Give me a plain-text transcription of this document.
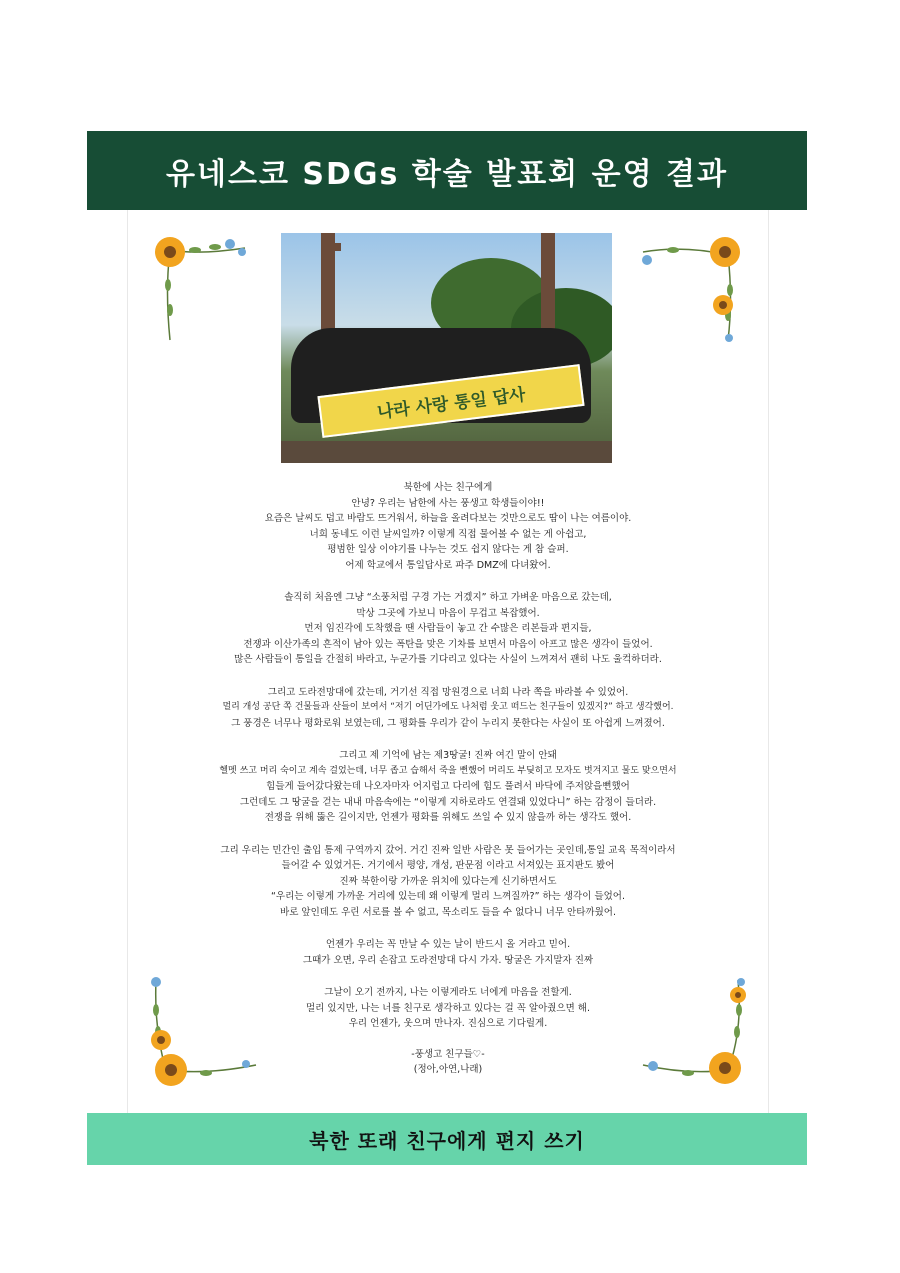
유네스코 SDGs 학술 발표회 운영 결과
나라 사랑 통일 답사
북한에 사는 친구에게
안녕? 우리는 남한에 사는 풍생고 학생들이야!!
요즘은 날씨도 덥고 바람도 뜨거워서, 하늘을 올려다보는 것만으로도 땀이 나는 여름이야.
너희 동네도 이런 날씨일까? 이렇게 직접 물어볼 수 없는 게 아쉽고,
평범한 일상 이야기를 나누는 것도 쉽지 않다는 게 참 슬퍼.
어제 학교에서 통일답사로 파주 DMZ에 다녀왔어.
솔직히 처음엔 그냥 “소풍처럼 구경 가는 거겠지” 하고 가벼운 마음으로 갔는데,
막상 그곳에 가보니 마음이 무겁고 복잡했어.
먼저 임진각에 도착했을 땐 사람들이 놓고 간 수많은 리본들과 편지들,
전쟁과 이산가족의 흔적이 남아 있는 폭탄을 맞은 기차를 보면서 마음이 아프고 많은 생각이 들었어.
많은 사람들이 통일을 간절히 바라고, 누군가를 기다리고 있다는 사실이 느껴져서 괜히 나도 울컥하더라.
그리고 도라전망대에 갔는데, 거기선 직접 망원경으로 너희 나라 쪽을 바라볼 수 있었어.
멀리 개성 공단 쪽 건물들과 산들이 보여서 “저기 어딘가에도 나처럼 웃고 떠드는 친구들이 있겠지?” 하고 생각했어.
그 풍경은 너무나 평화로워 보였는데, 그 평화를 우리가 같이 누리지 못한다는 사실이 또 아쉽게 느껴졌어.
그리고 제 기억에 남는 제3땅굴! 진짜 여긴 말이 안돼
헬멧 쓰고 머리 숙이고 계속 걸었는데, 너무 좁고 습해서 죽을 뻔했어 머리도 부딪히고 모자도 벗겨지고 물도 맞으면서
힘들게 들어갔다왔는데 나오자마자 어지럽고 다리에 힘도 풀려서 바닥에 주저앉을뻔했어
그런데도 그 땅굴을 걷는 내내 마음속에는 “이렇게 지하로라도 연결돼 있었다니” 하는 감정이 들더라.
전쟁을 위해 뚫은 길이지만, 언젠가 평화를 위해도 쓰일 수 있지 않을까 하는 생각도 했어.
그리 우리는 민간인 출입 통제 구역까지 갔어. 거긴 진짜 일반 사람은 못 들어가는 곳인데,통일 교육 목적이라서
들어갈 수 있었거든. 거기에서 평양, 개성, 판문점 이라고 서져있는 표지판도 봤어
진짜 북한이랑 가까운 위치에 있다는게 신기하면서도
“우리는 이렇게 가까운 거리에 있는데 왜 이렇게 멀리 느껴질까?” 하는 생각이 들었어.
바로 앞인데도 우린 서로를 볼 수 없고, 목소리도 들을 수 없다니 너무 안타까웠어.
언젠가 우리는 꼭 만날 수 있는 날이 반드시 올 거라고 믿어.
그때가 오면, 우리 손잡고 도라전망대 다시 가자. 땅굴은 가지말자 진짜
그날이 오기 전까지, 나는 이렇게라도 너에게 마음을 전할게.
멀리 있지만, 나는 너를 친구로 생각하고 있다는 걸 꼭 알아줬으면 해.
우리 언젠가, 웃으며 만나자. 진심으로 기다릴게.
-풍생고 친구들♡-
(정아,아연,나래)
북한 또래 친구에게 편지 쓰기
